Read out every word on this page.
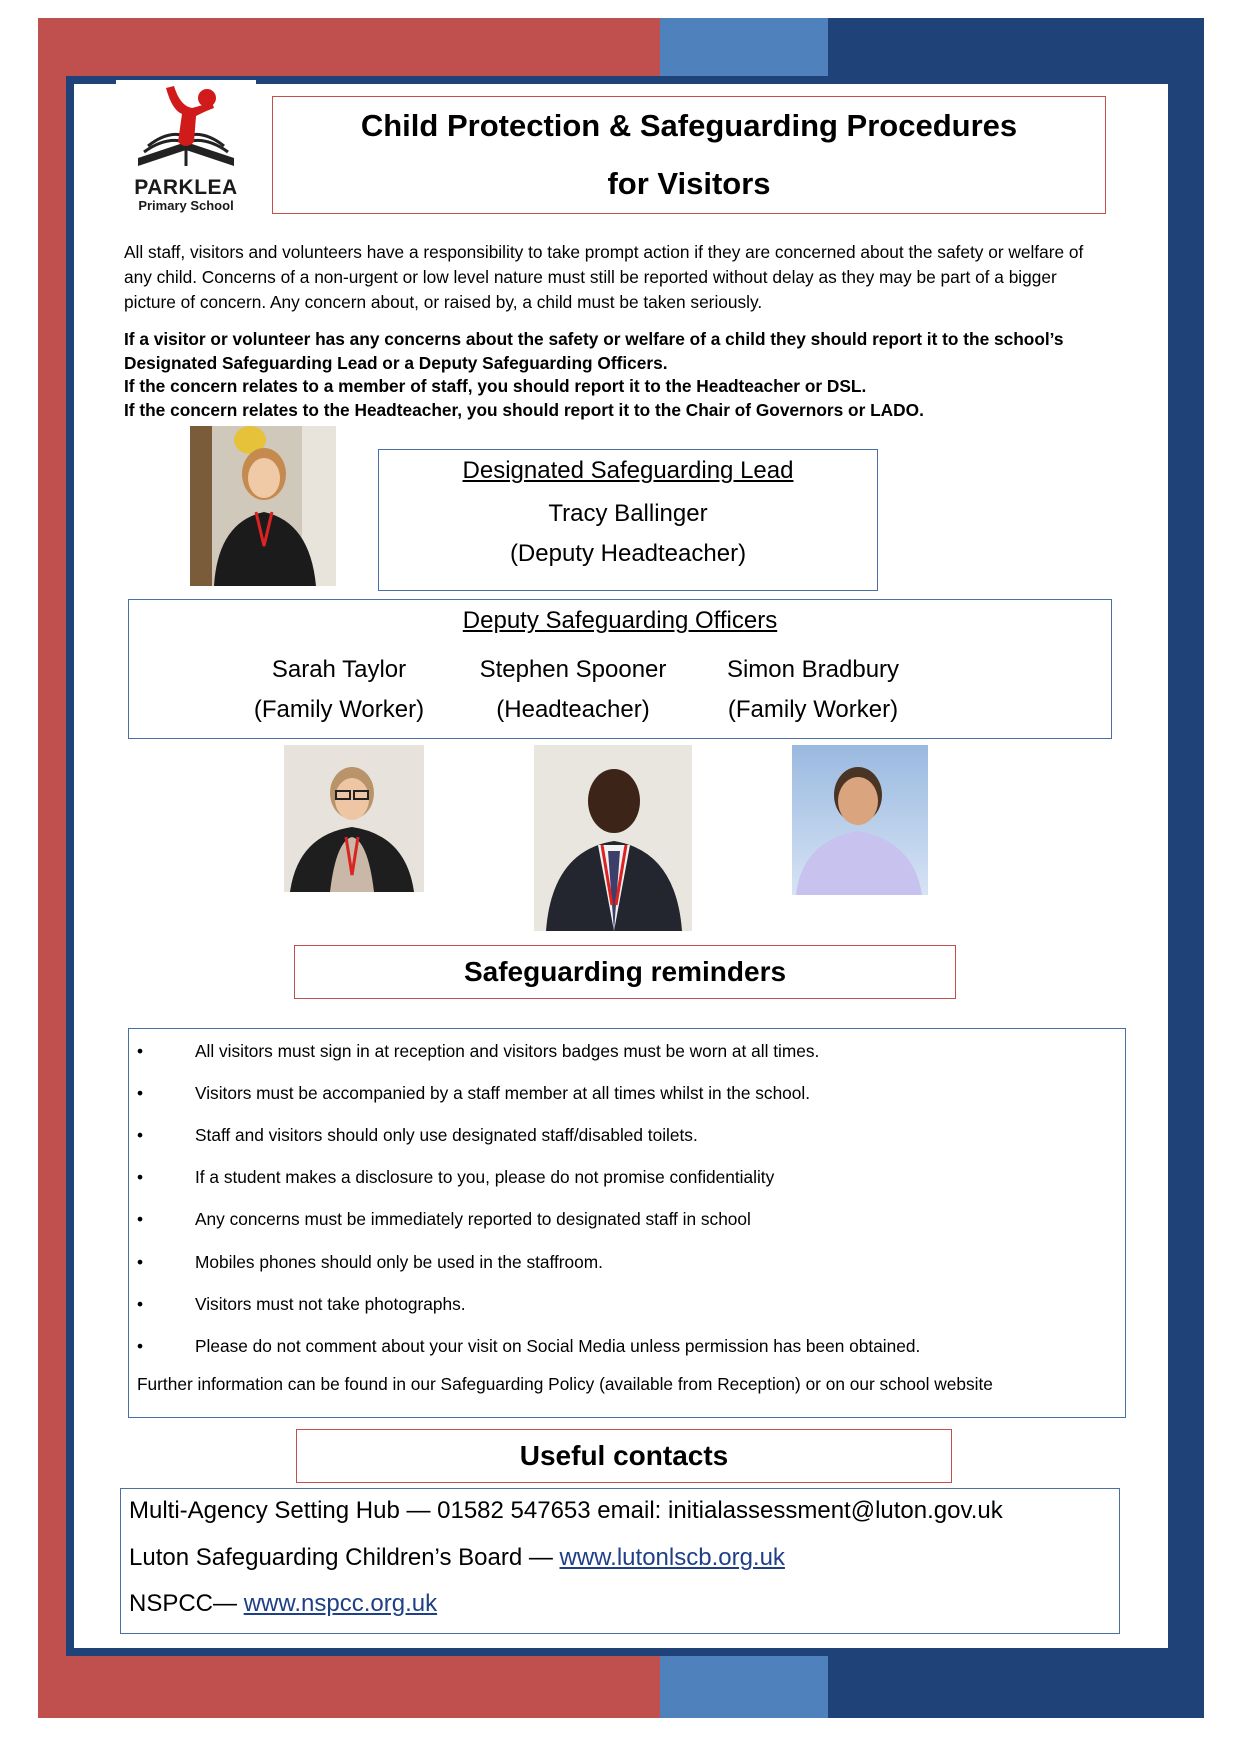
PARKLEA
Primary School
Child Protection & Safeguarding Procedures
for Visitors
All staff, visitors and volunteers have a responsibility to take prompt action if they are concerned about the safety or welfare of any child. Concerns of a non-urgent or low level nature must still be reported without delay as they may be part of a bigger picture of concern. Any concern about, or raised by, a child must be taken seriously.
If a visitor or volunteer has any concerns about the safety or welfare of a child they should report it to the school’s Designated Safeguarding Lead or a Deputy Safeguarding Officers.
If the concern relates to a member of staff, you should report it to the Headteacher or DSL.
If the concern relates to the Headteacher, you should report it to the Chair of Governors or LADO.
Designated Safeguarding Lead
Tracy Ballinger
(Deputy Headteacher)
Deputy Safeguarding Officers
Sarah Taylor
(Family Worker)
Stephen Spooner
(Headteacher)
Simon Bradbury
(Family Worker)
Safeguarding reminders
•	All visitors must sign in at reception and visitors badges must be worn at all times.
•	Visitors must be accompanied by a staff member at all times whilst in the school.
•	Staff and visitors should only use designated staff/disabled toilets.
•	If a student makes a disclosure to you, please do not promise confidentiality
•	Any concerns must be immediately reported to designated staff in school
•	Mobiles phones should only be used in the staffroom.
•	Visitors must not take photographs.
•	Please do not comment about your visit on Social Media unless permission has been obtained.
Further information can be found in our Safeguarding Policy (available from Reception) or on our school website
Useful contacts
Multi-Agency Setting Hub — 01582 547653 email: initialassessment@luton.gov.uk
Luton Safeguarding Children’s Board — www.lutonlscb.org.uk
NSPCC— www.nspcc.org.uk
